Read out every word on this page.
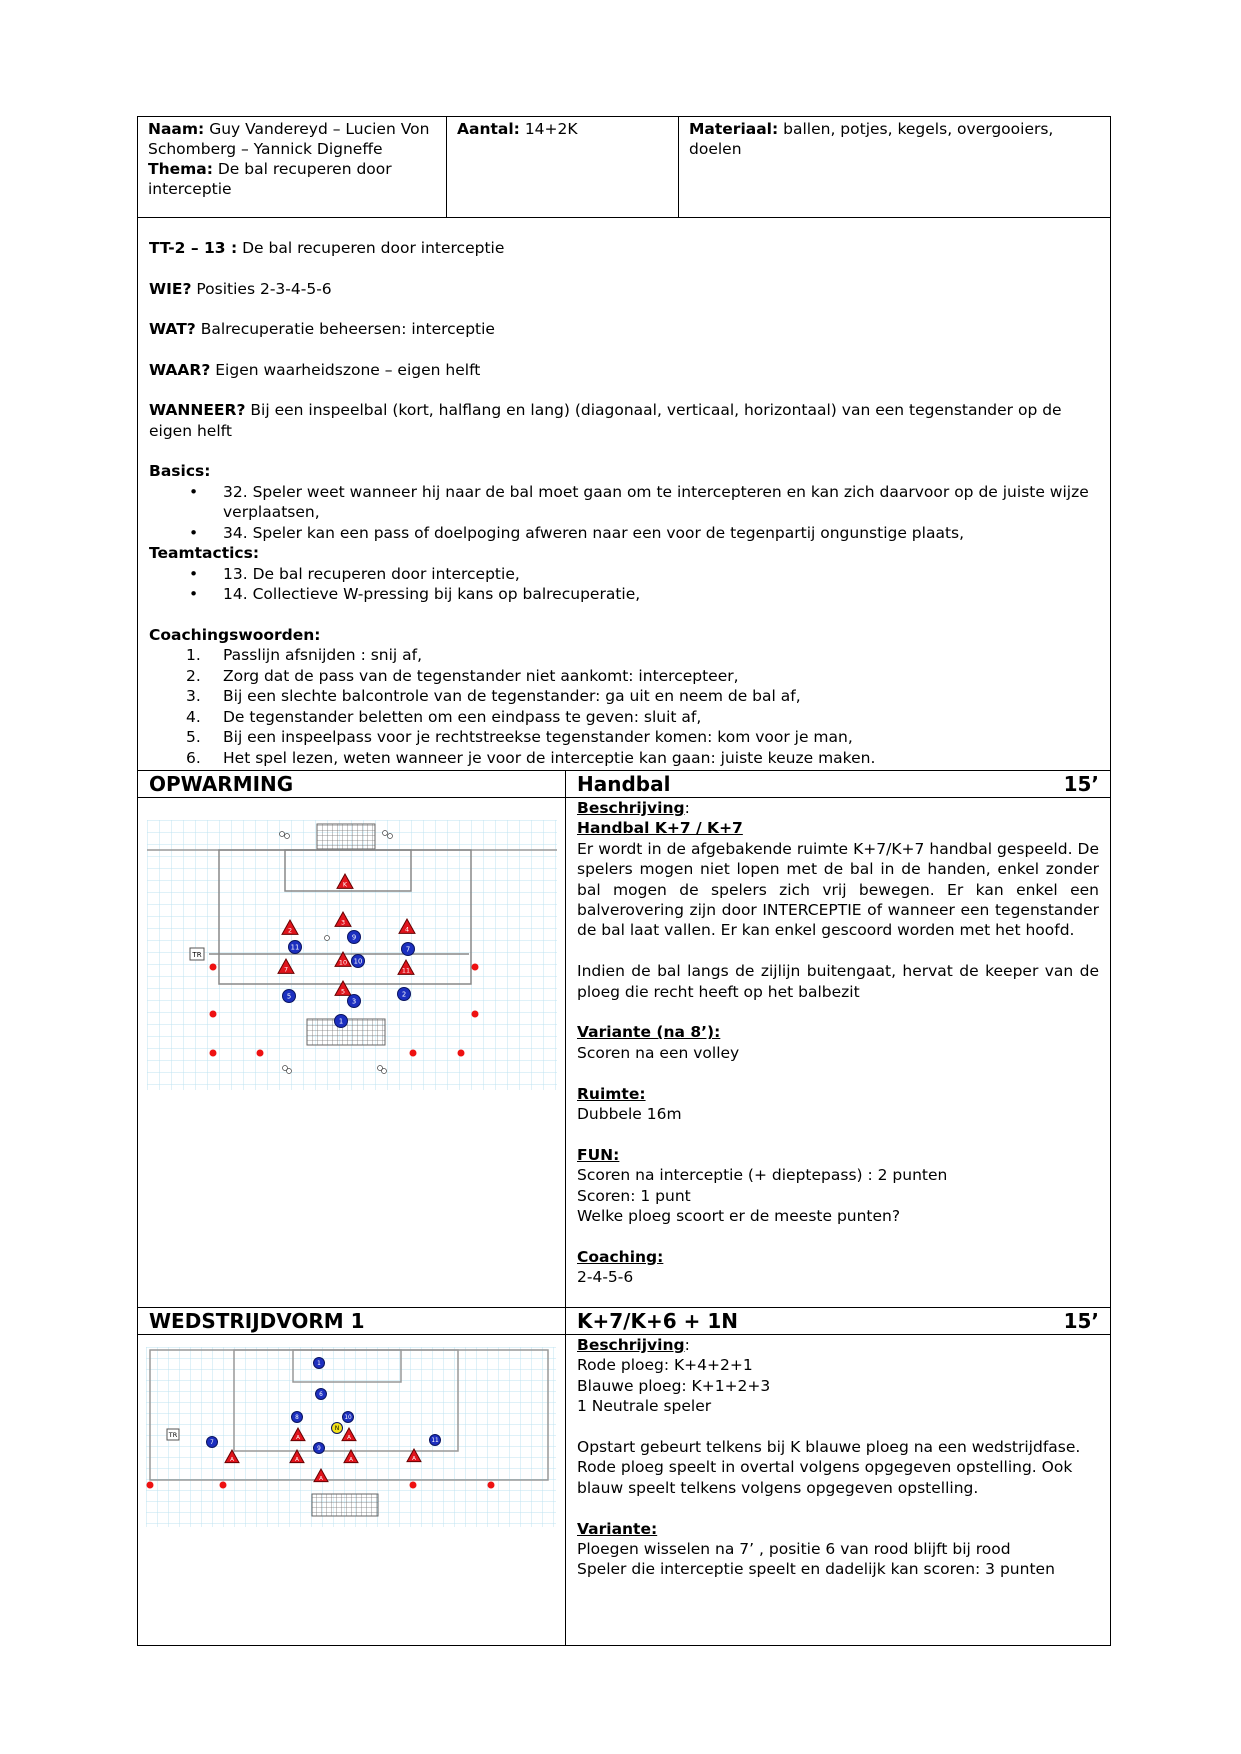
Naam: Guy Vandereyd – Lucien Von Schomberg – Yannick Digneffe
Thema: De bal recuperen door interceptie
Aantal: 14+2K	Materiaal: ballen, potjes, kegels, overgooiers, doelen

TT-2 – 13 : De bal recuperen door interceptie

WIE? Posities 2-3-4-5-6

WAT? Balrecuperatie beheersen: interceptie

WAAR? Eigen waarheidszone – eigen helft

WANNEER? Bij een inspeelbal (kort, halflang en lang) (diagonaal, verticaal, horizontaal) van een tegenstander op de eigen helft

Basics:
• 32. Speler weet wanneer hij naar de bal moet gaan om te intercepteren en kan zich daarvoor op de juiste wijze verplaatsen,
• 34. Speler kan een pass of doelpoging afweren naar een voor de tegenpartij ongunstige plaats,
Teamtactics:
• 13. De bal recuperen door interceptie,
• 14. Collectieve W-pressing bij kans op balrecuperatie,
Coachingswoorden:
1. Passlijn afsnijden : snij af,
2. Zorg dat de pass van de tegenstander niet aankomt: intercepteer,
3. Bij een slechte balcontrole van de tegenstander: ga uit en neem de bal af,
4. De tegenstander beletten om een eindpass te geven: sluit af,
5. Bij een inspeelpass voor je rechtstreekse tegenstander komen: kom voor je man,
6. Het spel lezen, weten wanneer je voor de interceptie kan gaan: juiste keuze maken.
OPWARMING	Handbal	15’
TR
K
2
3
4
7
10
11
5
11
9
7
10
5
3
2
1
Beschrijving:
Handbal K+7 / K+7

Er wordt in de afgebakende ruimte K+7/K+7 handbal gespeeld. De spelers mogen niet lopen met de bal in de handen, enkel zonder bal mogen de spelers zich vrij bewegen. Er kan enkel een balverovering zijn door INTERCEPTIE of wanneer een tegenstander de bal laat vallen. Er kan enkel gescoord worden met het hoofd.

Indien de bal langs de zijlijn buitengaat, hervat de keeper van de ploeg die recht heeft op het balbezit

Variante (na 8’):

Scoren na een volley

Ruimte:

Dubbele 16m

FUN:
Scoren na interceptie (+ dieptepass) : 2 punten
Scoren: 1 punt

Welke ploeg scoort er de meeste punten?

Coaching:
2-4-5-6
WEDSTRIJDVORM 1	K+7/K+6 + 1N	15’
TR
1
6
8	10
7
9
11
A	A
A	A	A	A
A
N
Beschrijving:
Rode ploeg: K+4+2+1
Blauwe ploeg: K+1+2+3

1 Neutrale speler

Opstart gebeurt telkens bij K blauwe ploeg na een wedstrijdfase. Rode ploeg speelt in overtal volgens opgegeven opstelling. Ook blauw speelt telkens volgens opgegeven opstelling.

Variante:
Ploegen wisselen na 7’ , positie 6 van rood blijft bij rood
Speler die interceptie speelt en dadelijk kan scoren: 3 punten
